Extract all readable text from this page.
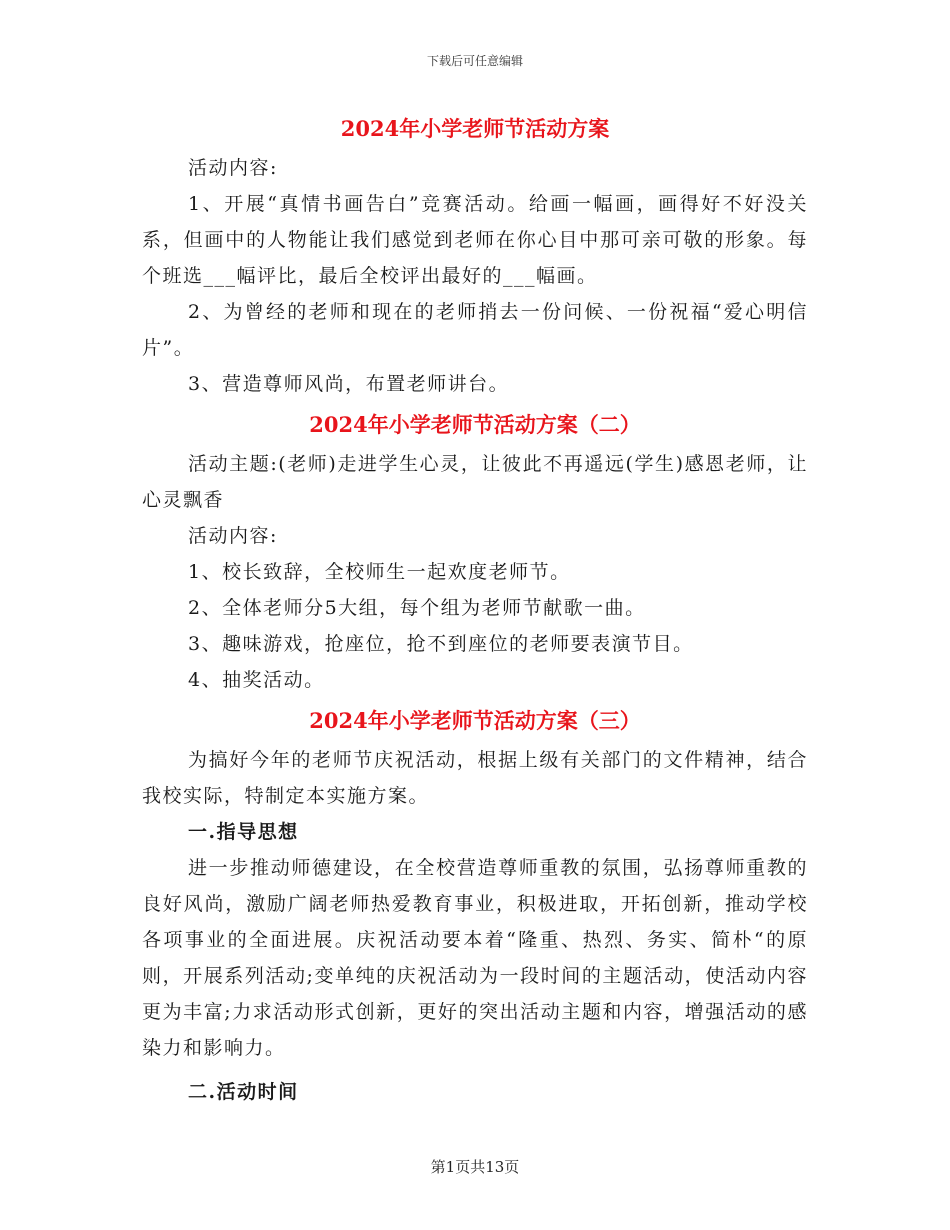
下载后可任意编辑
2024年小学老师节活动方案

活动内容:

1、开展“真情书画告白”竞赛活动。给画一幅画，画得好不好没关系，但画中的人物能让我们感觉到老师在你心目中那可亲可敬的形象。每个班选___幅评比，最后全校评出最好的___幅画。

2、为曾经的老师和现在的老师捎去一份问候、一份祝福“爱心明信片”。

3、营造尊师风尚，布置老师讲台。

2024年小学老师节活动方案（二）

活动主题:(老师)走进学生心灵，让彼此不再遥远(学生)感恩老师，让心灵飘香

活动内容:

1、校长致辞，全校师生一起欢度老师节。

2、全体老师分5大组，每个组为老师节献歌一曲。

3、趣味游戏，抢座位，抢不到座位的老师要表演节目。

4、抽奖活动。

2024年小学老师节活动方案（三）

为搞好今年的老师节庆祝活动，根据上级有关部门的文件精神，结合我校实际，特制定本实施方案。

一.指导思想

进一步推动师德建设，在全校营造尊师重教的氛围，弘扬尊师重教的良好风尚，激励广阔老师热爱教育事业，积极进取，开拓创新，推动学校各项事业的全面进展。庆祝活动要本着“隆重、热烈、务实、简朴“的原则，开展系列活动;变单纯的庆祝活动为一段时间的主题活动，使活动内容更为丰富;力求活动形式创新，更好的突出活动主题和内容，增强活动的感染力和影响力。

二.活动时间

第1页共13页
